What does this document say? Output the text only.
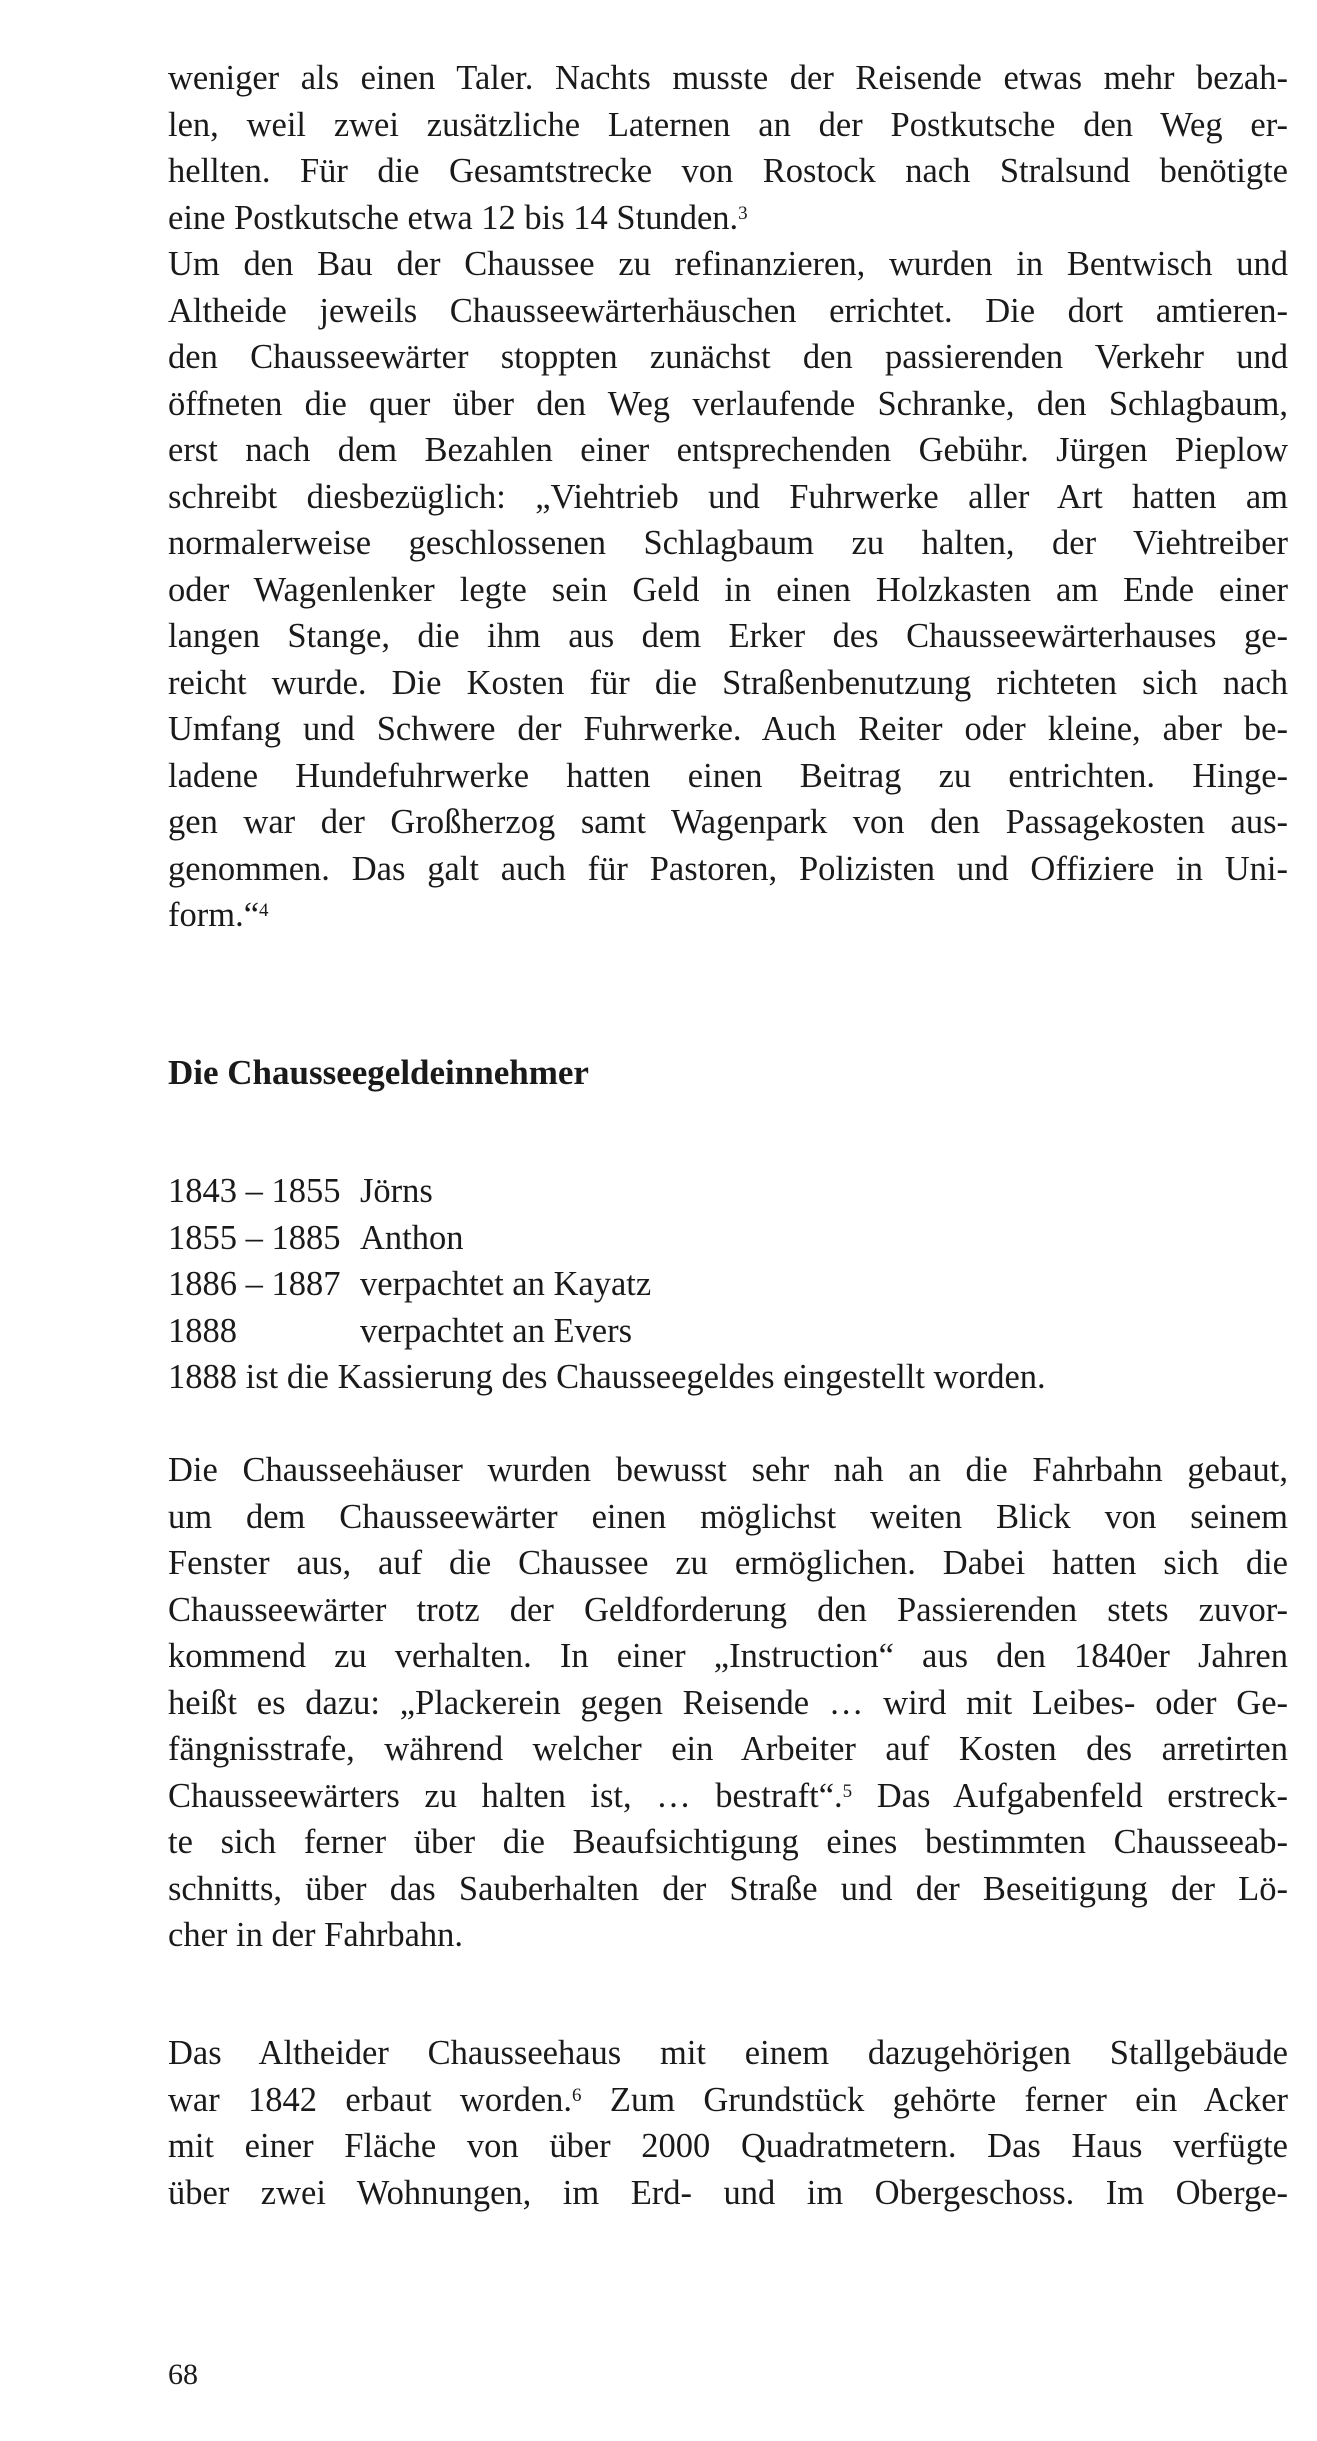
weniger als einen Taler. Nachts musste der Reisende etwas mehr bezah-
len, weil zwei zusätzliche Laternen an der Postkutsche den Weg er-
hellten. Für die Gesamtstrecke von Rostock nach Stralsund benötigte
eine Postkutsche etwa 12 bis 14 Stunden.$^3$

Um den Bau der Chaussee zu refinanzieren, wurden in Bentwisch und
Altheide jeweils Chausseewärterhäuschen errichtet. Die dort amtieren-
den Chausseewärter stoppten zunächst den passierenden Verkehr und
öffneten die quer über den Weg verlaufende Schranke, den Schlagbaum,
erst nach dem Bezahlen einer entsprechenden Gebühr. Jürgen Pieplow
schreibt diesbezüglich: „Viehtrieb und Fuhrwerke aller Art hatten am
normalerweise geschlossenen Schlagbaum zu halten, der Viehtreiber
oder Wagenlenker legte sein Geld in einen Holzkasten am Ende einer
langen Stange, die ihm aus dem Erker des Chausseewärterhauses ge-
reicht wurde. Die Kosten für die Straßenbenutzung richteten sich nach
Umfang und Schwere der Fuhrwerke. Auch Reiter oder kleine, aber be-
ladene Hundefuhrwerke hatten einen Beitrag zu entrichten. Hinge-
gen war der Großherzog samt Wagenpark von den Passagekosten aus-
genommen. Das galt auch für Pastoren, Polizisten und Offiziere in Uni-
form.“$^4$

Die Chausseegeldeinnehmer
1843 – 1855 Jörns
1855 – 1885 Anthon
1886 – 1887 verpachtet an Kayatz
1888	verpachtet an Evers
1888 ist die Kassierung des Chausseegeldes eingestellt worden.

Die Chausseehäuser wurden bewusst sehr nah an die Fahrbahn gebaut,
um dem Chausseewärter einen möglichst weiten Blick von seinem
Fenster aus, auf die Chaussee zu ermöglichen. Dabei hatten sich die
Chausseewärter trotz der Geldforderung den Passierenden stets zuvor-
kommend zu verhalten. In einer „Instruction“ aus den 1840er Jahren
heißt es dazu: „Plackerein gegen Reisende … wird mit Leibes- oder Ge-
fängnisstrafe, während welcher ein Arbeiter auf Kosten des arretirten
Chausseewärters zu halten ist, … bestraft“.$^5$ Das Aufgabenfeld erstreck-
te sich ferner über die Beaufsichtigung eines bestimmten Chausseeab-
schnitts, über das Sauberhalten der Straße und der Beseitigung der Lö-
cher in der Fahrbahn.

Das Altheider Chausseehaus mit einem dazugehörigen Stallgebäude
war 1842 erbaut worden.$^6$ Zum Grundstück gehörte ferner ein Acker
mit einer Fläche von über 2000 Quadratmetern. Das Haus verfügte
über zwei Wohnungen, im Erd- und im Obergeschoss. Im Oberge-

68
